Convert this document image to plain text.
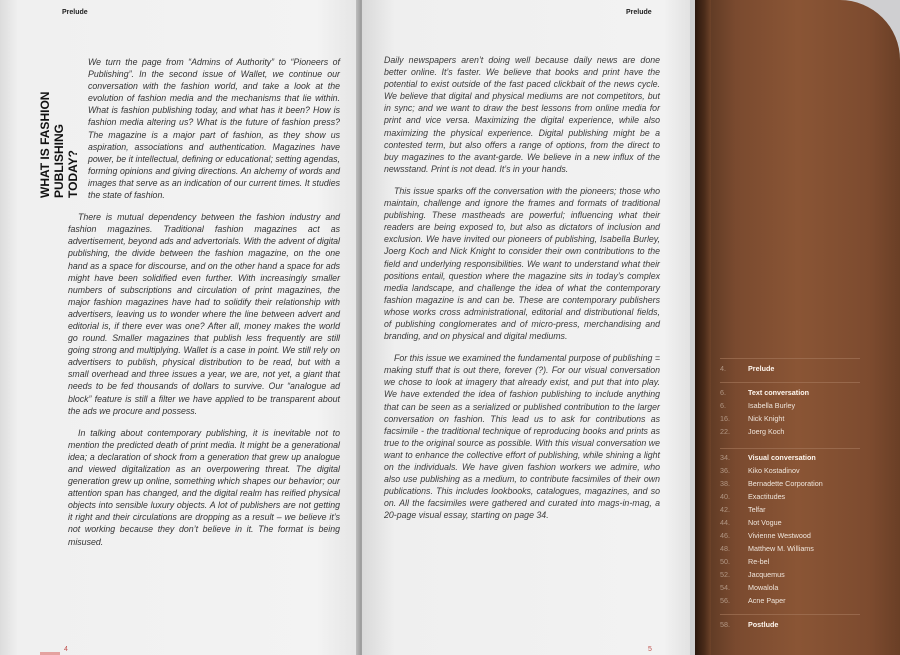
Prelude
WHAT IS FASHION PUBLISHING TODAY?

We turn the page from “Admins of Authority” to “Pioneers of Publishing”. In the second issue of Wallet, we continue our conversation with the fashion world, and take a look at the evolution of fashion media and the mechanisms that lie within. What is fashion publishing today, and what has it been? How is fashion media altering us? What is the future of fashion press? The magazine is a major part of fashion, as they show us aspiration, associations and authentication. Magazines have power, be it intellectual, defining or educational; setting agendas, forming opinions and giving directions. An alchemy of words and images that serve as an indication of our current times. It studies the state of fashion.

There is mutual dependency between the fashion industry and fashion magazines. Traditional fashion magazines act as advertisement, beyond ads and advertorials. With the advent of digital publishing, the divide between the fashion magazine, on the one hand as a space for discourse, and on the other hand a space for ads might have been solidified even further. With increasingly smaller numbers of subscriptions and circulation of print magazines, the major fashion magazines have had to solidify their relationship with advertisers, leaving us to wonder where the line between advert and editorial is, if there ever was one? After all, money makes the world go round. Smaller magazines that publish less frequently are still going strong and multiplying. Wallet is a case in point. We still rely on advertisers to publish, physical distribution to be read, but with a small overhead and three issues a year, we are, not yet, a giant that needs to be fed thousands of dollars to survive. Our “analogue ad block” feature is still a filter we have applied to be transparent about the ads we procure and possess.

In talking about contemporary publishing, it is inevitable not to mention the predicted death of print media. It might be a generational idea; a declaration of shock from a generation that grew up analogue and viewed digitalization as an overpowering threat. The digital generation grew up online, something which shapes our behavior; our attention span has changed, and the digital realm has reified physical objects into sensible luxury objects. A lot of publishers are not getting it right and their circulations are dropping as a result – we believe it’s not working because they don’t believe in it. The format is being misused.

4
Prelude

Daily newspapers aren’t doing well because daily news are done better online. It’s faster. We believe that books and print have the potential to exist outside of the fast paced clickbait of the news cycle. We believe that digital and physical mediums are not competitors, but in sync; and we want to draw the best lessons from online media for print and vice versa. Maximizing the digital experience, while also maximizing the physical experience. Digital publishing might be a contested term, but also offers a range of options, from the direct to buy magazines to the avant-garde. We believe in a new influx of the newsstand. Print is not dead. It’s in your hands.

This issue sparks off the conversation with the pioneers; those who maintain, challenge and ignore the frames and formats of traditional publishing. These mastheads are powerful; influencing what their readers are being exposed to, but also as dictators of inclusion and exclusion. We have invited our pioneers of publishing, Isabella Burley, Joerg Koch and Nick Knight to consider their own contributions to the field and underlying responsibilities. We want to understand what their positions entail, question where the magazine sits in today’s complex media landscape, and challenge the idea of what the contemporary fashion magazine is and can be. These are contemporary publishers whose works cross administrational, editorial and distributional fields, of publishing conglomerates and of micro-press, merchandising and branding, and on physical and digital mediums.

For this issue we examined the fundamental purpose of publishing = making stuff that is out there, forever (?). For our visual conversation we chose to look at imagery that already exist, and put that into play. We have extended the idea of fashion publishing to include anything that can be seen as a serialized or published contribution to the larger conversation on fashion. This lead us to ask for contributions as facsimile - the traditional technique of reproducing books and prints as true to the original source as possible. With this visual conversation we want to enhance the collective effort of publishing, while shining a light on the individuals. We have given fashion workers we admire, who also use publishing as a medium, to contribute facsimiles of their own publications. This includes lookbooks, catalogues, magazines, and so on. All the facsimiles were gathered and curated into mags-in-mag, a 20-page visual essay, starting on page 34.

5
4.	Prelude
6.	Text conversation
6.	Isabella Burley
16.	Nick Knight
22.	Joerg Koch
34.	Visual conversation
36.	Kiko Kostadinov
38.	Bernadette Corporation
40.	Exactitudes
42.	Telfar
44.	Not Vogue
46.	Vivienne Westwood
48.	Matthew M. Williams
50.	Re-bel
52.	Jacquemus
54.	Mowalola
56.	Acne Paper
58.	Postlude
